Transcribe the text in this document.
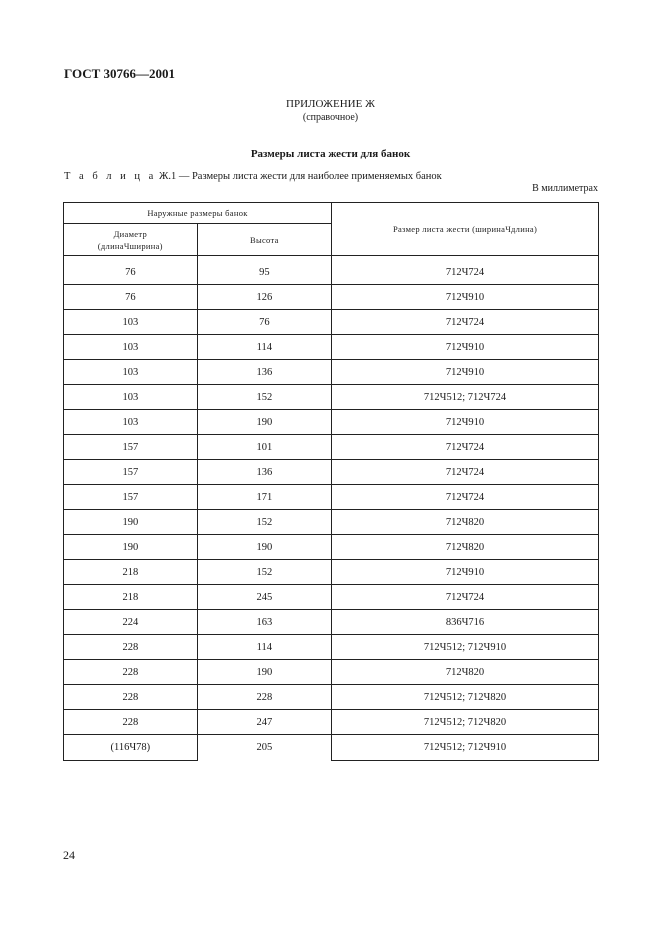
ГОСТ 30766—2001
ПРИЛОЖЕНИЕ Ж
(справочное)
Размеры листа жести для банок
Т а б л и ц а Ж.1 — Размеры листа жести для наиболее применяемых банок
В миллиметрах
Наружные размеры банок		Размер листа жести (ширинаЧдлина)
Диаметр
(длинаЧширина)	Высота	

76	95	712Ч724
76	126	712Ч910
103	76	712Ч724
103	114	712Ч910
103	136	712Ч910
103	152	712Ч512; 712Ч724
103	190	712Ч910
157	101	712Ч724
157	136	712Ч724
157	171	712Ч724
190	152	712Ч820
190	190	712Ч820
218	152	712Ч910
218	245	712Ч724
224	163	836Ч716
228	114	712Ч512; 712Ч910
228	190	712Ч820
228	228	712Ч512; 712Ч820
228	247	712Ч512; 712Ч820
(116Ч78)	205	712Ч512; 712Ч910
24
